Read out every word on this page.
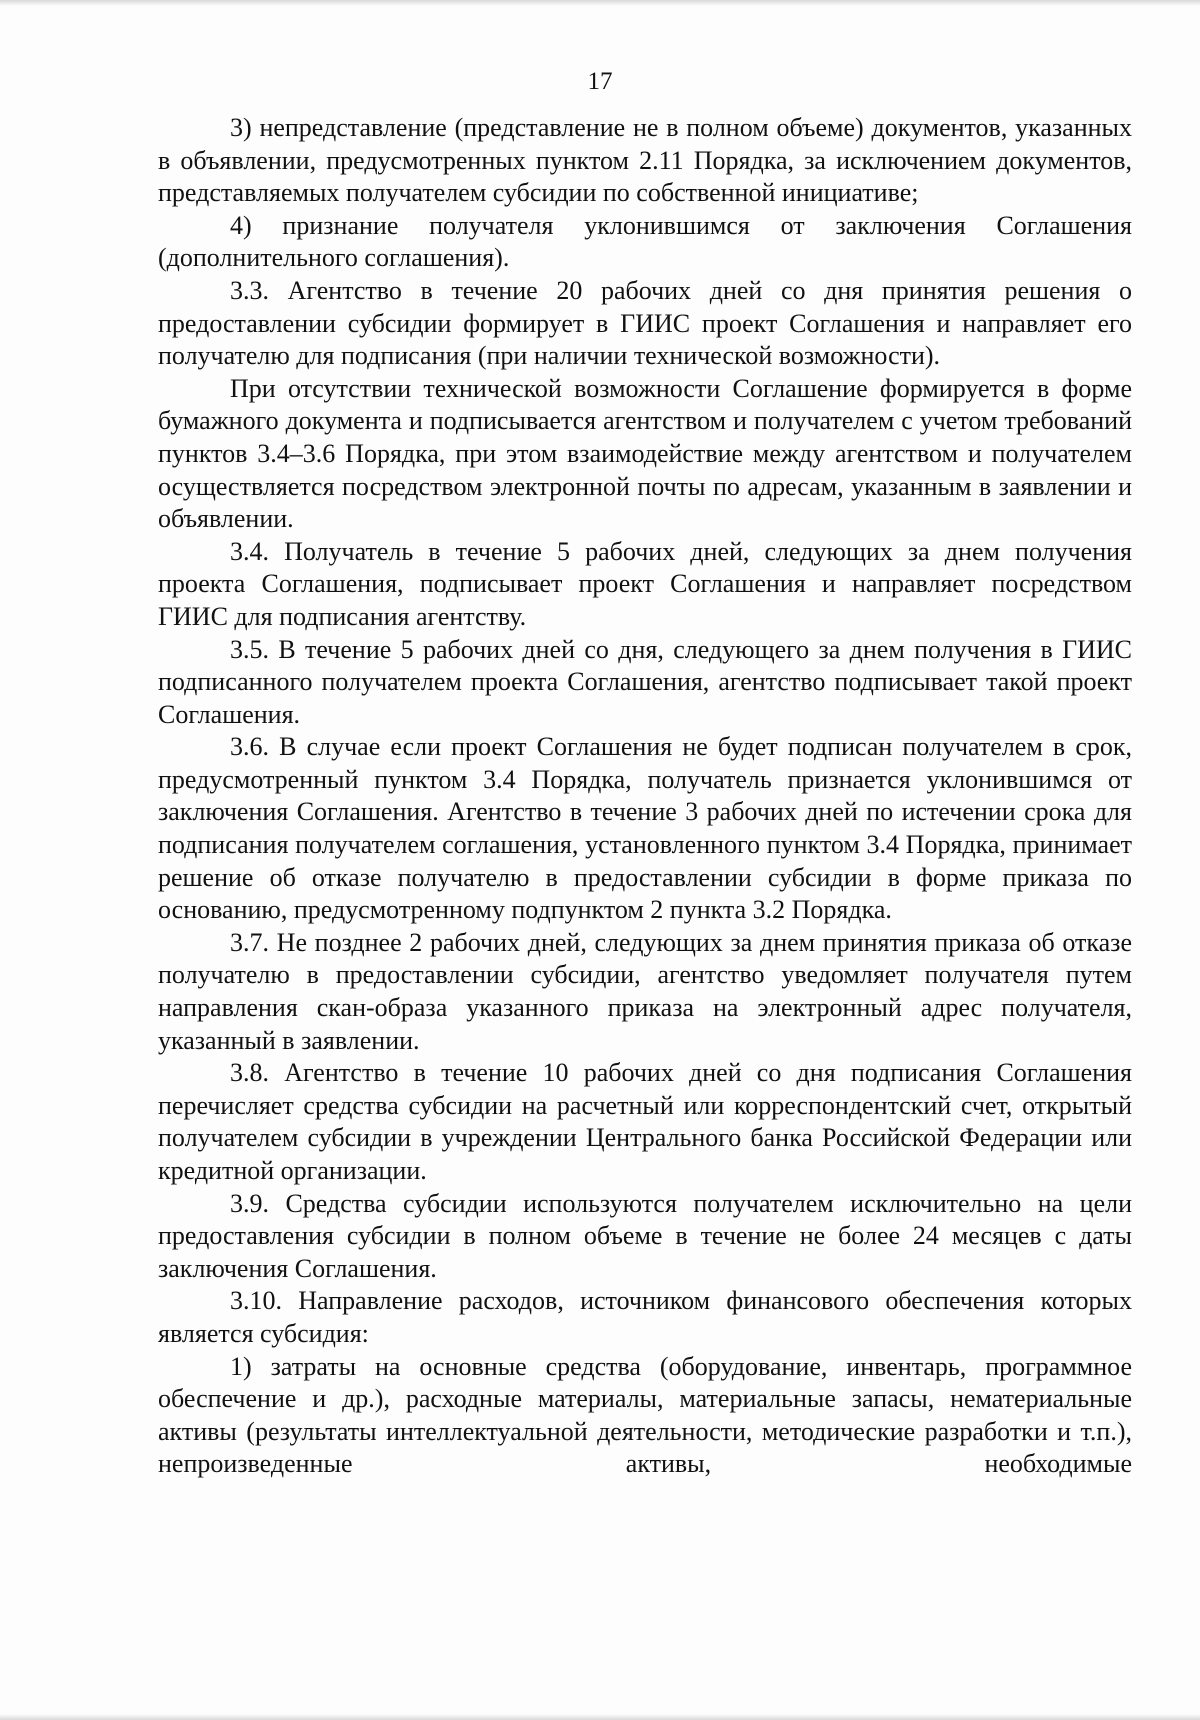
17

3) непредставление (представление не в полном объеме) документов, указанных в объявлении, предусмотренных пунктом 2.11 Порядка, за исключением документов, представляемых получателем субсидии по собственной инициативе;

4) признание получателя уклонившимся от заключения Соглашения (дополнительного соглашения).

3.3. Агентство в течение 20 рабочих дней со дня принятия решения о предоставлении субсидии формирует в ГИИС проект Соглашения и направляет его получателю для подписания (при наличии технической возможности).

При отсутствии технической возможности Соглашение формируется в форме бумажного документа и подписывается агентством и получателем с учетом требований пунктов 3.4–3.6 Порядка, при этом взаимодействие между агентством и получателем осуществляется посредством электронной почты по адресам, указанным в заявлении и объявлении.

3.4. Получатель в течение 5 рабочих дней, следующих за днем получения проекта Соглашения, подписывает проект Соглашения и направляет посредством ГИИС для подписания агентству.

3.5. В течение 5 рабочих дней со дня, следующего за днем получения в ГИИС подписанного получателем проекта Соглашения, агентство подписывает такой проект Соглашения.

3.6. В случае если проект Соглашения не будет подписан получателем в срок, предусмотренный пунктом 3.4 Порядка, получатель признается уклонившимся от заключения Соглашения. Агентство в течение 3 рабочих дней по истечении срока для подписания получателем соглашения, установленного пунктом 3.4 Порядка, принимает решение об отказе получателю в предоставлении субсидии в форме приказа по основанию, предусмотренному подпунктом 2 пункта 3.2 Порядка.

3.7. Не позднее 2 рабочих дней, следующих за днем принятия приказа об отказе получателю в предоставлении субсидии, агентство уведомляет получателя путем направления скан-образа указанного приказа на электронный адрес получателя, указанный в заявлении.

3.8. Агентство в течение 10 рабочих дней со дня подписания Соглашения перечисляет средства субсидии на расчетный или корреспондентский счет, открытый получателем субсидии в учреждении Центрального банка Российской Федерации или кредитной организации.

3.9. Средства субсидии используются получателем исключительно на цели предоставления субсидии в полном объеме в течение не более 24 месяцев с даты заключения Соглашения.

3.10. Направление расходов, источником финансового обеспечения которых является субсидия:

1) затраты на основные средства (оборудование, инвентарь, программное обеспечение и др.), расходные материалы, материальные запасы, нематериальные активы (результаты интеллектуальной деятельности, методические разработки и т.п.), непроизведенные активы, необходимые
